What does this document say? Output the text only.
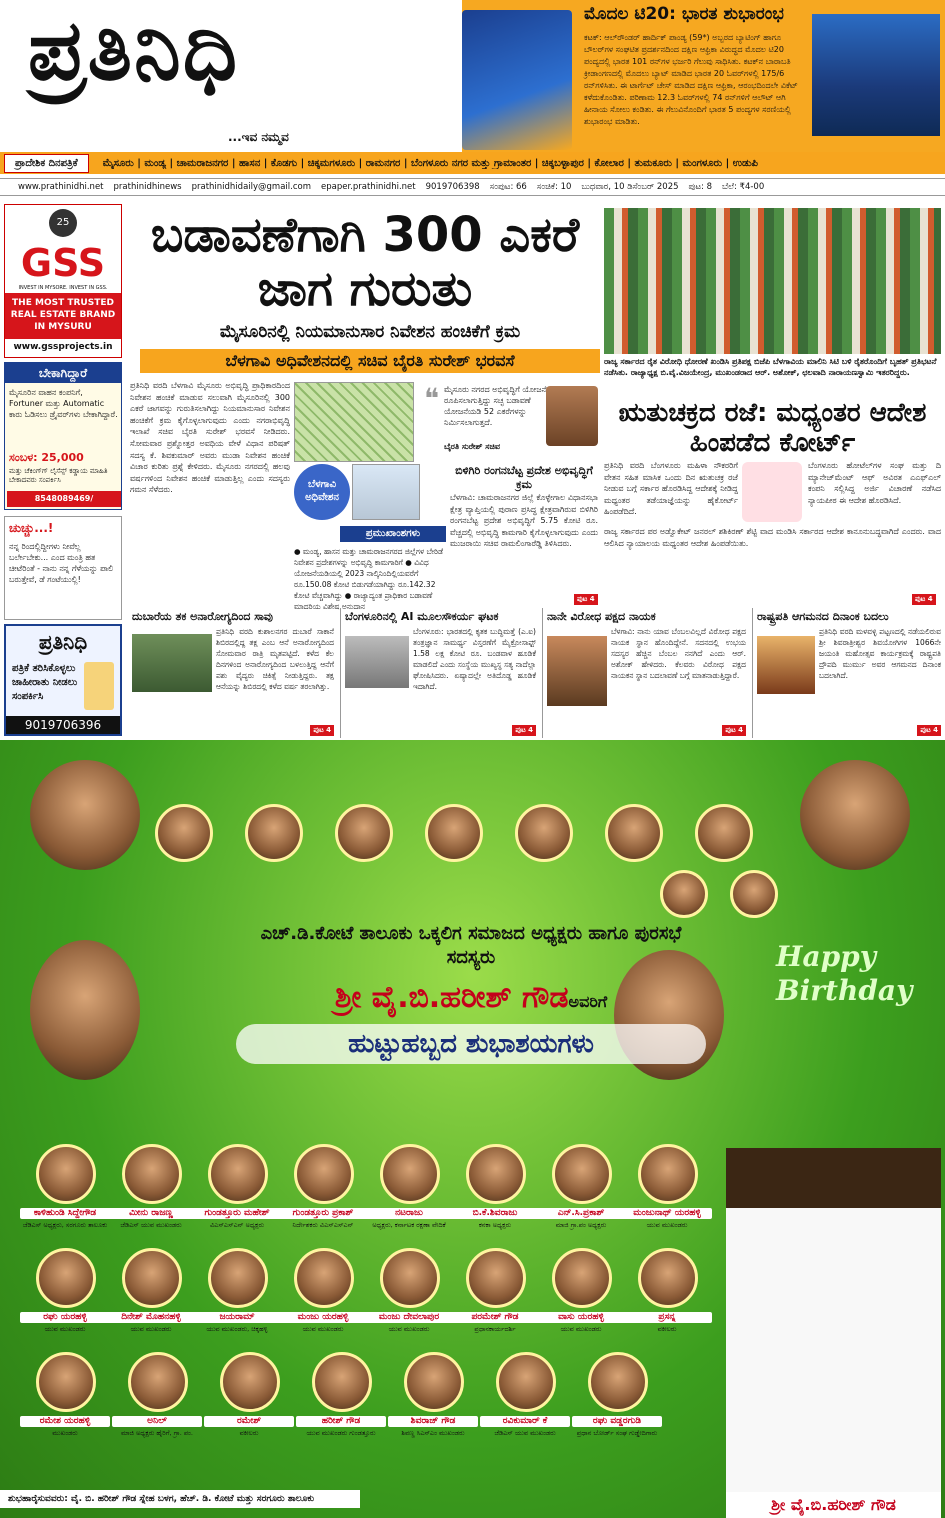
ಪ್ರತಿನಿಧಿ
...ಇವ ನಮ್ಮವ
ಮೊದಲ ಟಿ20: ಭಾರತ ಶುಭಾರಂಭ
ಕಟಕ್: ಆಲ್‌ರೌಂಡರ್ ಹಾರ್ದಿಕ್ ಪಾಂಡ್ಯ (59*) ಅಬ್ಬರದ ಬ್ಯಾಟಿಂಗ್ ಹಾಗೂ ಬೌಲರ್‌ಗಳ ಸಂಘಟಿತ ಪ್ರದರ್ಶನದಿಂದ ದಕ್ಷಿಣ ಆಫ್ರಿಕಾ ವಿರುದ್ಧದ ಮೊದಲ ಟಿ20 ಪಂದ್ಯದಲ್ಲಿ ಭಾರತ 101 ರನ್‌ಗಳ ಭರ್ಜರಿ ಗೆಲುವು ಸಾಧಿಸಿತು. ಕಟಕ್‌ನ ಬಾರಾಬತಿ ಕ್ರೀಡಾಂಗಣದಲ್ಲಿ ಮೊದಲು ಬ್ಯಾಟ್ ಮಾಡಿದ ಭಾರತ 20 ಓವರ್‌ಗಳಲ್ಲಿ 175/6 ರನ್‌ಗಳಿಸಿತು. ಈ ಟಾರ್ಗೆಟ್ ಚೇಸ್ ಮಾಡಿದ ದಕ್ಷಿಣ ಆಫ್ರಿಕಾ, ಆರಂಭದಿಂದಲೇ ವಿಕೆಟ್ ಕಳೆದುಕೊಂಡಿತು. ಪರಿಣಾಮ 12.3 ಓವರ್‌ಗಳಲ್ಲಿ 74 ರನ್‌ಗಳಿಗೆ ಆಲೌಟ್ ಆಗಿ ಹೀನಾಯ ಸೋಲು ಕಂಡಿತು. ಈ ಗೆಲುವಿನೊಂದಿಗೆ ಭಾರತ 5 ಪಂದ್ಯಗಳ ಸರಣಿಯಲ್ಲಿ ಶುಭಾರಂಭ ಮಾಡಿತು.
ಪ್ರಾದೇಶಿಕ ದಿನಪತ್ರಿಕೆ	ಮೈಸೂರು | ಮಂಡ್ಯ | ಚಾಮರಾಜನಗರ | ಹಾಸನ | ಕೊಡಗು | ಚಿಕ್ಕಮಗಳೂರು | ರಾಮನಗರ | ಬೆಂಗಳೂರು ನಗರ ಮತ್ತು ಗ್ರಾಮಾಂತರ | ಚಿಕ್ಕಬಳ್ಳಾಪುರ | ಕೋಲಾರ | ತುಮಕೂರು | ಮಂಗಳೂರು | ಉಡುಪಿ
www.prathinidhi.net prathinidhinews prathinidhidaily@gmail.com epaper.prathinidhi.net 9019706398 ಸಂಪುಟ: 66 ಸಂಚಿಕೆ: 10 ಬುಧವಾರ, 10 ಡಿಸೆಂಬರ್ 2025 ಪುಟ: 8 ಬೆಲೆ: ₹4-00
25
GSS
INVEST IN MYSORE. INVEST IN GSS.
THE MOST TRUSTED REAL ESTATE BRAND IN MYSURU
www.gssprojects.in
ಬೇಕಾಗಿದ್ದಾರೆ
ಮೈಸೂರಿನ ವಾಹನ ಕಂಪನಿಗೆ, Fortuner ಮತ್ತು Automatic ಕಾರು ಓಡಿಸಲು ಡ್ರೈವರ್‌ಗಳು ಬೇಕಾಗಿದ್ದಾರೆ.
ಸಂಬಳ: 25,000
ಮತ್ತು ಚೆಕಿಂಗ್‌ಗ್ ಲೈಸೆನ್ಸ್ ಕಡ್ಡಾಯ ಮಾಹಿತಿ ಬೇಕಾದವರು ಸಂಪರ್ಕಿಸಿ
8548089469/ 9164946160
ಚುಚ್ಚು...!
ನನ್ನ ರಿಂದಲ್ಲಿದ್ದೀಗಳು ನೀವೆಲ್ಲ ಬರ್ಲೇಬೇಕು... ಎಂದ ಮಂತ್ರಿ ಹತ ಚೀಟೆರಿಂತೆ - ನಾನು ನನ್ನ ಗೆಳೆಯನ್ನು ಪಾಲಿ ಬರುತ್ತೇವೆ, ಡೆ ಗಂಟೆಯುಲ್ಲಿ!
ಪ್ರತಿನಿಧಿ
ಪತ್ರಿಕೆ ತರಿಸಿಕೊಳ್ಳಲು ಜಾಹೀರಾತು ನೀಡಲು ಸಂಪರ್ಕಿಸಿ
9019706396
ಬಡಾವಣೆಗಾಗಿ 300 ಎಕರೆ ಜಾಗ ಗುರುತು
ಮೈಸೂರಿನಲ್ಲಿ ನಿಯಮಾನುಸಾರ ನಿವೇಶನ ಹಂಚಿಕೆಗೆ ಕ್ರಮ
ಬೆಳಗಾವಿ ಅಧಿವೇಶನದಲ್ಲಿ ಸಚಿವ ಬೈರತಿ ಸುರೇಶ್ ಭರವಸೆ
ಪ್ರತಿನಿಧಿ ವರದಿ ಬೆಳಗಾವಿ ಮೈಸೂರು ಅಭಿವೃದ್ಧಿ ಪ್ರಾಧಿಕಾರದಿಂದ ನಿವೇಶನ ಹಂಚಿಕೆ ಮಾಡುವ ಸಲುವಾಗಿ ಮೈಸೂರಿನಲ್ಲಿ 300 ಎಕರೆ ಜಾಗವನ್ನು ಗುರುತಿಸಲಾಗಿದ್ದು ನಿಯಮಾನುಸಾರ ನಿವೇಶನ ಹಂಚಿಕೆಗೆ ಕ್ರಮ ಕೈಗೊಳ್ಳಲಾಗುವುದು ಎಂದು ನಗರಾಭಿವೃದ್ಧಿ ಇಲಾಖೆ ಸಚಿವ ಬೈರತಿ ಸುರೇಶ್ ಭರವಸೆ ನೀಡಿದರು. ಸೋಮವಾರ ಪ್ರಶ್ನೋತ್ತರ ಅವಧಿಯ ವೇಳೆ ವಿಧಾನ ಪರಿಷತ್ ಸದಸ್ಯ ಕೆ. ಶಿವಕುಮಾರ್ ಅವರು ಮುಡಾ ನಿವೇಶನ ಹಂಚಿಕೆ ವಿಚಾರ ಕುರಿತು ಪ್ರಶ್ನೆ ಕೇಳಿದರು. ಮೈಸೂರು ನಗರದಲ್ಲಿ ಹಲವು ವರ್ಷಗಳಿಂದ ನಿವೇಶನ ಹಂಚಿಕೆ ಮಾಡುತ್ತಿಲ್ಲ ಎಂದು ಸದಸ್ಯರು ಗಮನ ಸೆಳೆದರು.	ಬೆಳಗಾವಿ ಅಧಿವೇಶನ
❝ ಮೈಸೂರು ನಗರದ ಅಭಿವೃದ್ಧಿಗೆ ಯೋಜನೆ ರೂಪಿಸಲಾಗುತ್ತಿದ್ದು ಸಚ್ಛ ಬಡಾವಣೆ ಯೋಜನೆಯಡಿ 52 ಎಕರೆಗಳನ್ನು ನಿರ್ಮಿಸಲಾಗುತ್ತದೆ.
ಬೈರತಿ ಸುರೇಶ್ ಸಚಿವ
ಪ್ರಮುಖಾಂಶಗಳು
● ಮಂಡ್ಯ, ಹಾಸನ ಮತ್ತು ಚಾಮರಾಜನಗರದ ಜಿಲ್ಲೆಗಳ ಬೇರಿಡೆ ನಿವೇಶನ ಪ್ರದೇಶಗಳನ್ನು ಅಭಿವೃದ್ಧಿ ಕಾಮಗಾರಿಗೆ ● ವಿವಿಧ ಯೋಜನೆಯಡಿಯಲ್ಲಿ 2023 ನಾಲ್ಕಿನಿಂದಿಲ್ಲಿಯವರೆಗೆ ರೂ.150.08 ಕೋಟಿ ಬಿಡುಗಡೆಯಾಗಿದ್ದು ರೂ.142.32 ಕೋಟಿ ವೆಚ್ಚವಾಗಿದ್ದು ● ರಾಜ್ಯಾದ್ಯಂತ ಪ್ರಾಧಿಕಾರ ಬಡಾವಣೆ ಮಾದರಿಯ ವಿಶೇಷ ಅನುದಾನ
ಬಿಳಿಗಿರಿ ರಂಗನಬೆಟ್ಟ ಪ್ರದೇಶ ಅಭಿವೃದ್ಧಿಗೆ ಕ್ರಮ
ಬೆಳಗಾವಿ: ಚಾಮರಾಜನಗರ ಜಿಲ್ಲೆ ಕೊಳ್ಳೇಗಾಲ ವಿಧಾನಸಭಾ ಕ್ಷೇತ್ರ ವ್ಯಾಪ್ತಿಯಲ್ಲಿ ಪುರಾಣ ಪ್ರಸಿದ್ಧ ಕ್ಷೇತ್ರವಾಗಿರುವ ಬಿಳಿಗಿರಿ ರಂಗನಬೆಟ್ಟ ಪ್ರದೇಶ ಅಭಿವೃದ್ಧಿಗೆ 5.75 ಕೋಟಿ ರೂ. ವೆಚ್ಚದಲ್ಲಿ ಅಭಿವೃದ್ಧಿ ಕಾಮಗಾರಿ ಕೈಗೊಳ್ಳಲಾಗುವುದು ಎಂದು ಮುಜರಾಯಿ ಸಚಿವ ರಾಮಲಿಂಗಾರೆಡ್ಡಿ ತಿಳಿಸಿದರು.
ಪುಟ 4
ರಾಜ್ಯ ಸರ್ಕಾರದ ರೈತ ವಿರೋಧಿ ಧೋರಣೆ ಖಂಡಿಸಿ ಪ್ರತಿಪಕ್ಷ ಬಿಜೆಪಿ ಬೆಳಗಾವಿಯ ಮಾಲಿನಿ ಸಿಟಿ ಬಳಿ ರೈತರೊಂದಿಗೆ ಬೃಹತ್ ಪ್ರತಿಭಟನೆ ನಡೆಸಿತು. ರಾಜ್ಯಾಧ್ಯಕ್ಷ ಬಿ.ವೈ.ವಿಜಯೇಂದ್ರ, ಮುಖಂಡರಾದ ಆರ್. ಅಶೋಕ್, ಛಲವಾದಿ ನಾರಾಯಣಸ್ವಾಮಿ ಇತರರಿದ್ದರು.
ಋತುಚಕ್ರದ ರಜೆ: ಮಧ್ಯಂತರ ಆದೇಶ ಹಿಂಪಡೆದ ಕೋರ್ಟ್
ಪ್ರತಿನಿಧಿ ವರದಿ ಬೆಂಗಳೂರು ಮಹಿಳಾ ನೌಕರರಿಗೆ ವೇತನ ಸಹಿತ ಮಾಸಿಕ ಒಂದು ದಿನ ಋತುಚಕ್ರ ರಜೆ ನೀಡುವ ಬಗ್ಗೆ ಸರ್ಕಾರ ಹೊರಡಿಸಿದ್ದ ಆದೇಶಕ್ಕೆ ನೀಡಿದ್ದ ಮಧ್ಯಂತರ ತಡೆಯಾಜ್ಞೆಯನ್ನು ಹೈಕೋರ್ಟ್ ಹಿಂಪಡೆದಿದೆ.
ಬೆಂಗಳೂರು ಹೋಟೆಲ್‌ಗಳ ಸಂಘ ಮತ್ತು ದಿ ಮ್ಯಾನೇಜ್‌ಮೆಂಟ್ ಆಫ್ ಅವಿರತ ಎಎಫ್‌ಎಲ್ ಕಂಪನಿ ಸಲ್ಲಿಸಿದ್ದ ಅರ್ಜಿ ವಿಚಾರಣೆ ನಡೆಸಿದ ನ್ಯಾಯಪೀಠ ಈ ಆದೇಶ ಹೊರಡಿಸಿದೆ.
ರಾಜ್ಯ ಸರ್ಕಾರದ ಪರ ಅಡ್ವೊಕೇಟ್ ಜನರಲ್ ಶಶಿಕಿರಣ್ ಶೆಟ್ಟಿ ವಾದ ಮಂಡಿಸಿ ಸರ್ಕಾರದ ಆದೇಶ ಕಾನೂನುಬದ್ಧವಾಗಿದೆ ಎಂದರು. ವಾದ ಆಲಿಸಿದ ನ್ಯಾಯಾಲಯ ಮಧ್ಯಂತರ ಆದೇಶ ಹಿಂಪಡೆಯಿತು.
ಪುಟ 4
ದುಬಾರೆಯ ತಕ ಅನಾರೋಗ್ಯದಿಂದ ಸಾವು

ಪ್ರತಿನಿಧಿ ವರದಿ ಕುಶಾಲನಗರ ದುಬಾರೆ ಸಾಕಾನೆ ಶಿಬಿರದಲ್ಲಿದ್ದ ತಕ್ಷ ಎಂಬ ಆನೆ ಅನಾರೋಗ್ಯದಿಂದ ಸೋಮವಾರ ರಾತ್ರಿ ಮೃತಪಟ್ಟಿದೆ. ಕಳೆದ ಕೆಲ ದಿನಗಳಿಂದ ಅನಾರೋಗ್ಯದಿಂದ ಬಳಲುತ್ತಿದ್ದ ಆನೆಗೆ ಪಶು ವೈದ್ಯರು ಚಿಕಿತ್ಸೆ ನೀಡುತ್ತಿದ್ದರು. ತಕ್ಷ ಆನೆಯನ್ನು ಶಿಬಿರದಲ್ಲಿ ಕಳೆದ ವರ್ಷ ತರಲಾಗಿತ್ತು.

ಪುಟ 4
ಬೆಂಗಳೂರಿನಲ್ಲಿ AI ಮೂಲಸೌಕರ್ಯ ಘಟಕ

ಬೆಂಗಳೂರು: ಭಾರತದಲ್ಲಿ ಕೃತಕ ಬುದ್ಧಿಮತ್ತೆ (ಎ.ಐ) ತಂತ್ರಜ್ಞಾನ ಸಾಮರ್ಥ್ಯ ವಿಸ್ತರಣೆಗೆ ಮೈಕ್ರೋಸಾಫ್ಟ್ 1.58 ಲಕ್ಷ ಕೋಟಿ ರೂ. ಬಂಡವಾಳ ಹೂಡಿಕೆ ಮಾಡಲಿದೆ ಎಂದು ಸಂಸ್ಥೆಯ ಮುಖ್ಯಸ್ಥ ಸತ್ಯ ನಾದೆಲ್ಲಾ ಘೋಷಿಸಿದರು. ಏಷ್ಯಾದಲ್ಲೇ ಅತಿದೊಡ್ಡ ಹೂಡಿಕೆ ಇದಾಗಿದೆ.

ಪುಟ 4
ನಾನೇ ವಿರೋಧ ಪಕ್ಷದ ನಾಯಕ

ಬೆಳಗಾವಿ: ನಾನು ಯಾವ ಬೆಂಬಲವಿಲ್ಲದೆ ವಿರೋಧ ಪಕ್ಷದ ನಾಯಕ ಸ್ಥಾನ ಹೊಂದಿದ್ದೇನೆ. ಸದನದಲ್ಲಿ ಉಭಯ ಸದಸ್ಯರ ಹೆಚ್ಚಿನ ಬೆಂಬಲ ನನಗಿದೆ ಎಂದು ಆರ್. ಅಶೋಕ್ ಹೇಳಿದರು. ಕೆಲವರು ವಿರೋಧ ಪಕ್ಷದ ನಾಯಕನ ಸ್ಥಾನ ಬದಲಾವಣೆ ಬಗ್ಗೆ ಮಾತನಾಡುತ್ತಿದ್ದಾರೆ.

ಪುಟ 4
ರಾಷ್ಟ್ರಪತಿ ಆಗಮನದ ದಿನಾಂಕ ಬದಲು

ಪ್ರತಿನಿಧಿ ವರದಿ ಮಳವಳ್ಳಿ ಪಟ್ಟಣದಲ್ಲಿ ನಡೆಯಲಿರುವ ಶ್ರೀ ಶಿವರಾತ್ರೀಶ್ವರ ಶಿವಯೋಗಿಗಳ 1066ನೇ ಜಯಂತಿ ಮಹೋತ್ಸವ ಕಾರ್ಯಕ್ರಮಕ್ಕೆ ರಾಷ್ಟ್ರಪತಿ ದ್ರೌಪದಿ ಮುರ್ಮು ಅವರ ಆಗಮನದ ದಿನಾಂಕ ಬದಲಾಗಿದೆ.

ಪುಟ 4
ಎಚ್.ಡಿ.ಕೋಟೆ ತಾಲೂಕು ಒಕ್ಕಲಿಗ ಸಮಾಜದ ಅಧ್ಯಕ್ಷರು ಹಾಗೂ ಪುರಸಭೆ ಸದಸ್ಯರು
ಶ್ರೀ ವೈ.ಬಿ.ಹರೀಶ್ ಗೌಡಅವರಿಗೆ
ಹುಟ್ಟುಹಬ್ಬದ ಶುಭಾಶಯಗಳು
Happy Birthday
ಕಾಳಿಹುಂಡಿ ಸಿದ್ದೇಗೌಡ
ಜೆಡಿಎಸ್ ಅಧ್ಯಕ್ಷರು, ಸರಗೂರು ತಾಲೂಕು
ಮೀನು ರಾಜಣ್ಣ
ಜೆಡಿಎಸ್ ಯುವ ಮುಖಂಡರು
ಗುಂಡತ್ತೂರು ಮಹೇಶ್
ವಿಎಸ್ಎಸ್‌ಎನ್ ಅಧ್ಯಕ್ಷರು
ಗುಂಡತ್ತೂರು ಪ್ರಕಾಶ್
ನಿರ್ದೇಶಕರು ವಿಎಸ್ಎಸ್‌ಎನ್
ನಟರಾಜು
ಅಧ್ಯಕ್ಷರು, ಕರ್ನಾಟಕ ರಕ್ಷಣಾ ವೇದಿಕೆ
ಬಿ.ಕೆ.ಶಿವರಾಜು
ಕನಕಾ ಅಧ್ಯಕ್ಷರು
ಎನ್.ಸಿ.ಪ್ರಕಾಶ್
ಮಾಜಿ ಗ್ರಾ.ಪಂ ಅಧ್ಯಕ್ಷರು
ಮಂಜುನಾಥ್ ಯರಹಳ್ಳಿ
ಯುವ ಮುಖಂಡರು
ರಘು ಯರಹಳ್ಳಿ
ಯುವ ಮುಖಂಡರು
ದಿನೇಶ್ ಮೊಹನಹಳ್ಳಿ
ಯುವ ಮುಖಂಡರು
ಜಯರಾಮ್
ಯುವ ಮುಖಂಡರು, ಚಿಕ್ಕಹಳ್ಳಿ
ಮಂಜು ಯರಹಳ್ಳಿ
ಯುವ ಮುಖಂಡರು
ಮಂಜು ದೇವಲಾಪುರ
ಯುವ ಮುಖಂಡರು
ಪರಮೇಶ್ ಗೌಡ
ಪ್ರಧಾನಕಾರ್ಯದರ್ಶಿ
ವಾಸು ಯರಹಳ್ಳಿ
ಯುವ ಮುಖಂಡರು
ಪ್ರಸನ್ನ
ವಕೀಲರು
ರಮೇಶ ಯರಹಳ್ಳಿ
ಮುಖಂಡರು
ಅನಿಲ್
ಮಾಜಿ ಅಧ್ಯಕ್ಷರು ಹೈರಿಗೆ, ಗ್ರಾ. ಪಂ.
ರಮೇಶ್
ವಕೀಲರು
ಹರೀಶ್ ಗೌಡ
ಯುವ ಮುಖಂಡರು ಗುಂಡತ್ತೂರು
ಶಿವರಾಜ್ ಗೌಡ
ಶಿವಣ್ಣ ಸಿಎಸ್‌ಎಂ ಮುಖಂಡರು
ರವಿಕುಮಾರ್ ಕೆ
ಜೆಡಿಎಸ್ ಯುವ ಮುಖಂಡರು
ರಘು ವಡ್ಡರಗುಡಿ
ಪ್ರಧಾನ ಬೋರ್ಡ್ ಸಂಘ ಗುಡ್ಡೇದಿಗಾರು
ಶ್ರೀ ವೈ.ಬಿ.ಹರೀಶ್ ಗೌಡ
ಶುಭಹಾರೈಸುವವರು: ವೈ. ಬಿ. ಹರೀಶ್ ಗೌಡ ಸ್ನೇಹ ಬಳಗ, ಹೆಚ್. ಡಿ. ಕೋಟೆ ಮತ್ತು ಸರಗೂರು ತಾಲೂಕು
